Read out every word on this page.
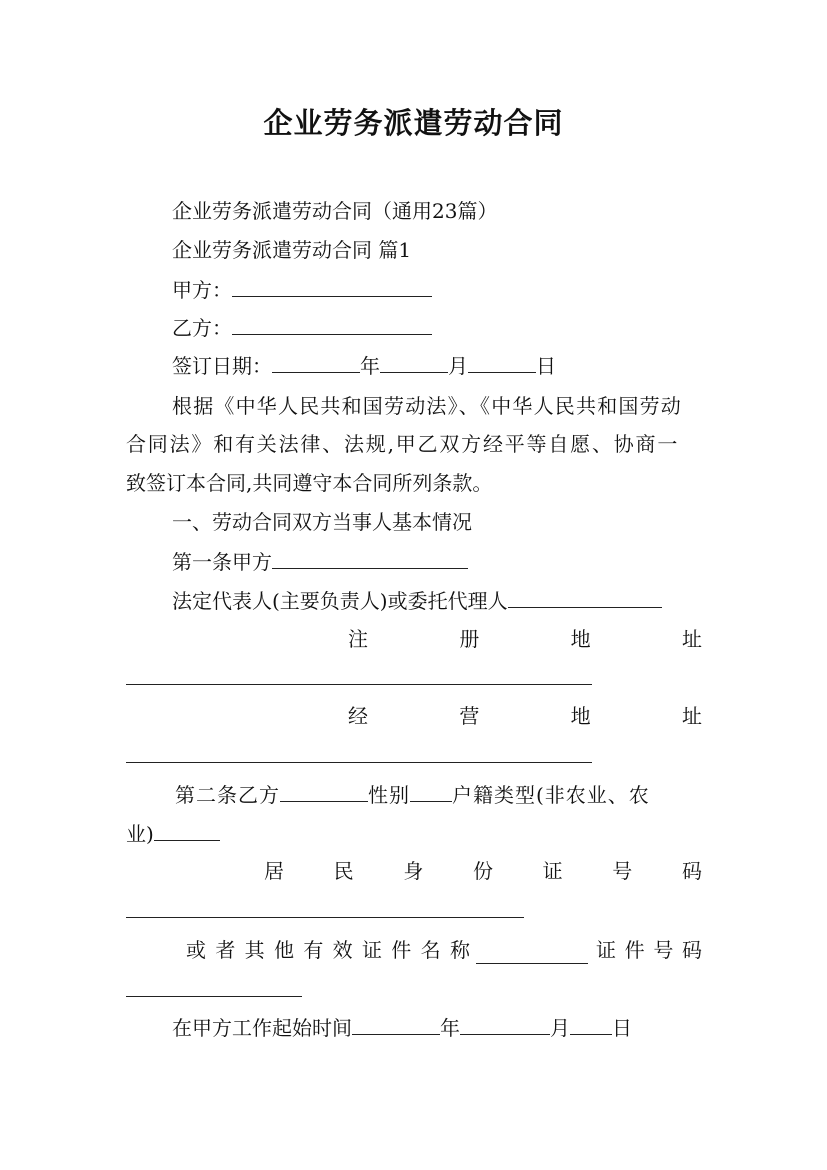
企业劳务派遣劳动合同
企业劳务派遣劳动合同（通用23篇）
企业劳务派遣劳动合同 篇1
甲方：
乙方：
签订日期：	年	月	日
根据《中华人民共和国劳动法》、《中华人民共和国劳动
合同法》和有关法律、法规,甲乙双方经平等自愿、协商一
致签订本合同,共同遵守本合同所列条款。
一、劳动合同双方当事人基本情况
第一条甲方
法定代表人(主要负责人)或委托代理人
注	册	地	址
经	营	地	址
第二条乙方	性别 户籍类型(非农业、农
业)
居 民 身 份 证 号 码
或 者 其 他 有 效 证 件 名 称	证 件 号 码
在甲方工作起始时间	年	月 日
